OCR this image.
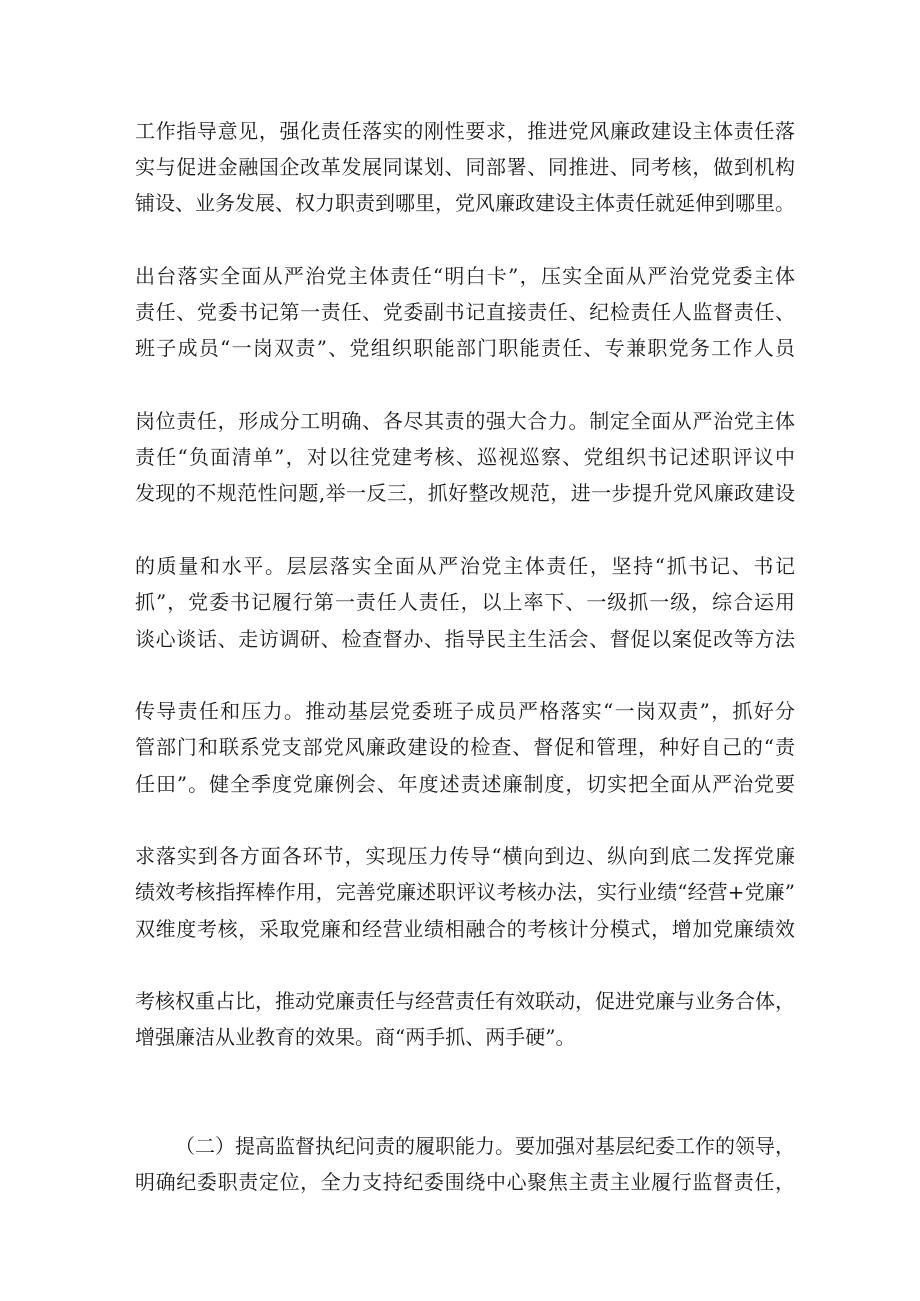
工作指导意见，强化责任落实的刚性要求，推进党风廉政建设主体责任落
实与促进金融国企改革发展同谋划、同部署、同推进、同考核，做到机构
铺设、业务发展、权力职责到哪里，党风廉政建设主体责任就延伸到哪里。
出台落实全面从严治党主体责任“明白卡”，压实全面从严治党党委主体
责任、党委书记第一责任、党委副书记直接责任、纪检责任人监督责任、
班子成员“一岗双责”、党组织职能部门职能责任、专兼职党务工作人员
岗位责任，形成分工明确、各尽其责的强大合力。制定全面从严治党主体
责任“负面清单”，对以往党建考核、巡视巡察、党组织书记述职评议中
发现的不规范性问题,举一反三，抓好整改规范，进一步提升党风廉政建设
的质量和水平。层层落实全面从严治党主体责任，坚持“抓书记、书记
抓”，党委书记履行第一责任人责任，以上率下、一级抓一级，综合运用
谈心谈话、走访调研、检查督办、指导民主生活会、督促以案促改等方法
传导责任和压力。推动基层党委班子成员严格落实“一岗双责”，抓好分
管部门和联系党支部党风廉政建设的检查、督促和管理，种好自己的“责
任田”。健全季度党廉例会、年度述责述廉制度，切实把全面从严治党要
求落实到各方面各环节，实现压力传导“横向到边、纵向到底二发挥党廉
绩效考核指挥棒作用，完善党廉述职评议考核办法，实行业绩“经营+党廉”
双维度考核，采取党廉和经营业绩相融合的考核计分模式，增加党廉绩效
考核权重占比，推动党廉责任与经营责任有效联动，促进党廉与业务合体，
增强廉洁从业教育的效果。商“两手抓、两手硬”。
（二）提高监督执纪问责的履职能力。要加强对基层纪委工作的领导，
明确纪委职责定位，全力支持纪委围绕中心聚焦主责主业履行监督责任，
